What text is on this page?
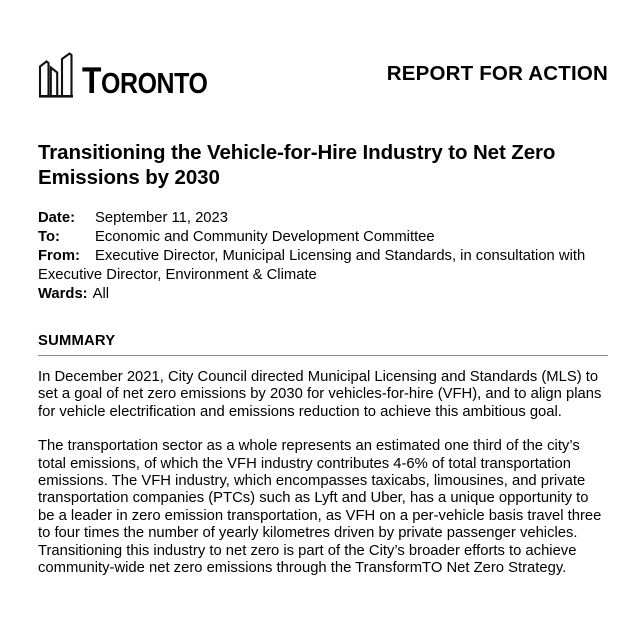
TORONTO	REPORT FOR ACTION
Transitioning the Vehicle-for-Hire Industry to Net Zero Emissions by 2030
Date:	September 11, 2023
To:	Economic and Community Development Committee
From:	Executive Director, Municipal Licensing and Standards, in consultation with
Executive Director, Environment & Climate
Wards: All
SUMMARY

In December 2021, City Council directed Municipal Licensing and Standards (MLS) to set a goal of net zero emissions by 2030 for vehicles-for-hire (VFH), and to align plans for vehicle electrification and emissions reduction to achieve this ambitious goal.

The transportation sector as a whole represents an estimated one third of the city’s total emissions, of which the VFH industry contributes 4-6% of total transportation emissions. The VFH industry, which encompasses taxicabs, limousines, and private transportation companies (PTCs) such as Lyft and Uber, has a unique opportunity to be a leader in zero emission transportation, as VFH on a per-vehicle basis travel three to four times the number of yearly kilometres driven by private passenger vehicles. Transitioning this industry to net zero is part of the City’s broader efforts to achieve community-wide net zero emissions through the TransformTO Net Zero Strategy.
